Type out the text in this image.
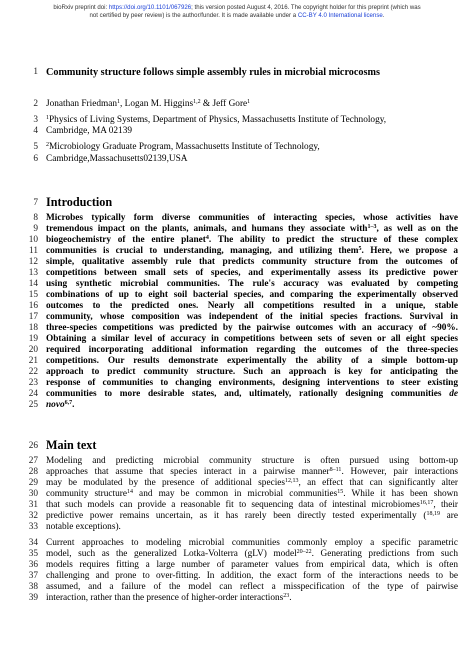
bioRxiv preprint doi: https://doi.org/10.1101/067926; this version posted August 4, 2016. The copyright holder for this preprint (which was
not certified by peer review) is the author/funder. It is made available under a CC-BY 4.0 International license.
1 Community structure follows simple assembly rules in microbial microcosms
2 Jonathan Friedman$^1$, Logan M. Higgins$^{1,2}$ & Jeff Gore$^1$
3 $^1$Physics of Living Systems, Department of Physics, Massachusetts Institute of Technology,
4 Cambridge, MA 02139
5 $^2$Microbiology Graduate Program, Massachusetts Institute of Technology,
6 Cambridge,Massachusetts02139,USA
7 Introduction
8 Microbes typically form diverse communities of interacting species, whose activities have
9 tremendous impact on the plants, animals, and humans they associate with$^{1-3}$, as well as on the
10 biogeochemistry of the entire planet$^4$. The ability to predict the structure of these complex
11 communities is crucial to understanding, managing, and utilizing them$^5$. Here, we propose a
12 simple, qualitative assembly rule that predicts community structure from the outcomes of
13 competitions between small sets of species, and experimentally assess its predictive power
14 using synthetic microbial communities. The rule's accuracy was evaluated by competing
15 combinations of up to eight soil bacterial species, and comparing the experimentally observed
16 outcomes to the predicted ones. Nearly all competitions resulted in a unique, stable
17 community, whose composition was independent of the initial species fractions. Survival in
18 three-species competitions was predicted by the pairwise outcomes with an accuracy of ~90%.
19 Obtaining a similar level of accuracy in competitions between sets of seven or all eight species
20 required incorporating additional information regarding the outcomes of the three-species
21 competitions. Our results demonstrate experimentally the ability of a simple bottom-up
22 approach to predict community structure. Such an approach is key for anticipating the
23 response of communities to changing environments, designing interventions to steer existing
24 communities to more desirable states, and, ultimately, rationally designing communities de
25 novo$^{6,7}$.
26 Main text
27 Modeling and predicting microbial community structure is often pursued using bottom-up
28 approaches that assume that species interact in a pairwise manner$^{8-11}$. However, pair interactions
29 may be modulated by the presence of additional species$^{12,13}$, an effect that can significantly alter
30 community structure$^{14}$ and may be common in microbial communities$^{15}$. While it has been shown
31 that such models can provide a reasonable fit to sequencing data of intestinal microbiomes$^{16,17}$, their
32 predictive power remains uncertain, as it has rarely been directly tested experimentally ($^{18,19}$ are
33 notable exceptions).
34 Current approaches to modeling microbial communities commonly employ a specific parametric
35 model, such as the generalized Lotka-Volterra (gLV) model$^{20-22}$. Generating predictions from such
36 models requires fitting a large number of parameter values from empirical data, which is often
37 challenging and prone to over-fitting. In addition, the exact form of the interactions needs to be
38 assumed, and a failure of the model can reflect a misspecification of the type of pairwise
39 interaction, rather than the presence of higher-order interactions$^{23}$.
